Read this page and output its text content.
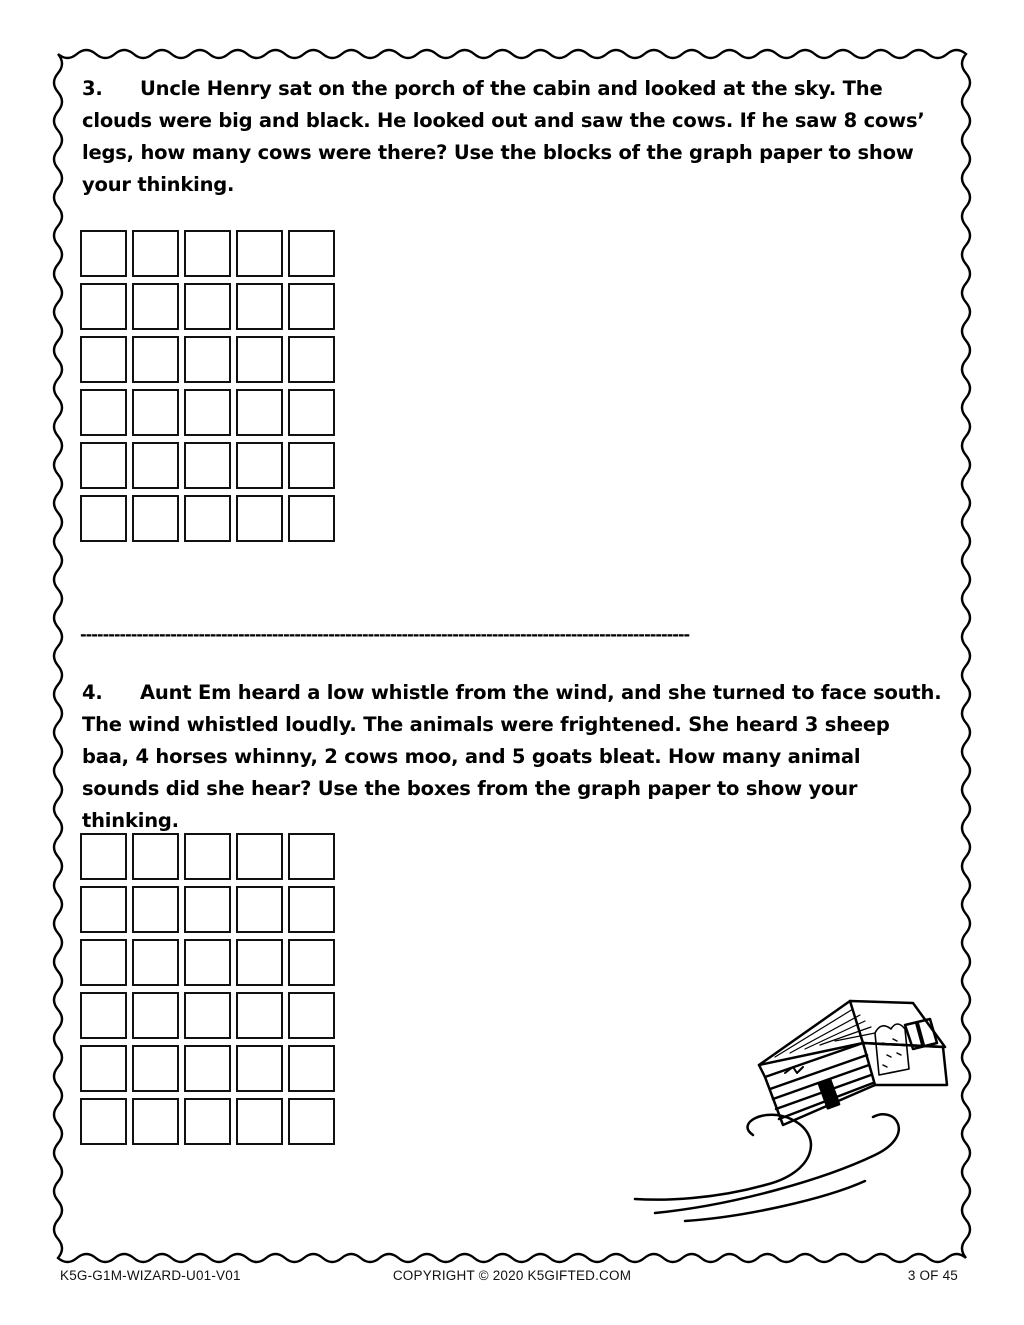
3. Uncle Henry sat on the porch of the cabin and looked at the sky. The clouds were big and black. He looked out and saw the cows. If he saw 8 cows’ legs, how many cows were there? Use the blocks of the graph paper to show your thinking.

------------------------------------------------------------------------------------------------------------

4. Aunt Em heard a low whistle from the wind, and she turned to face south. The wind whistled loudly. The animals were frightened. She heard 3 sheep baa, 4 horses whinny, 2 cows moo, and 5 goats bleat. How many animal sounds did she hear? Use the boxes from the graph paper to show your thinking.

K5G-G1M-WIZARD-U01-V01	COPYRIGHT © 2020 K5GIFTED.COM	3 OF 45
